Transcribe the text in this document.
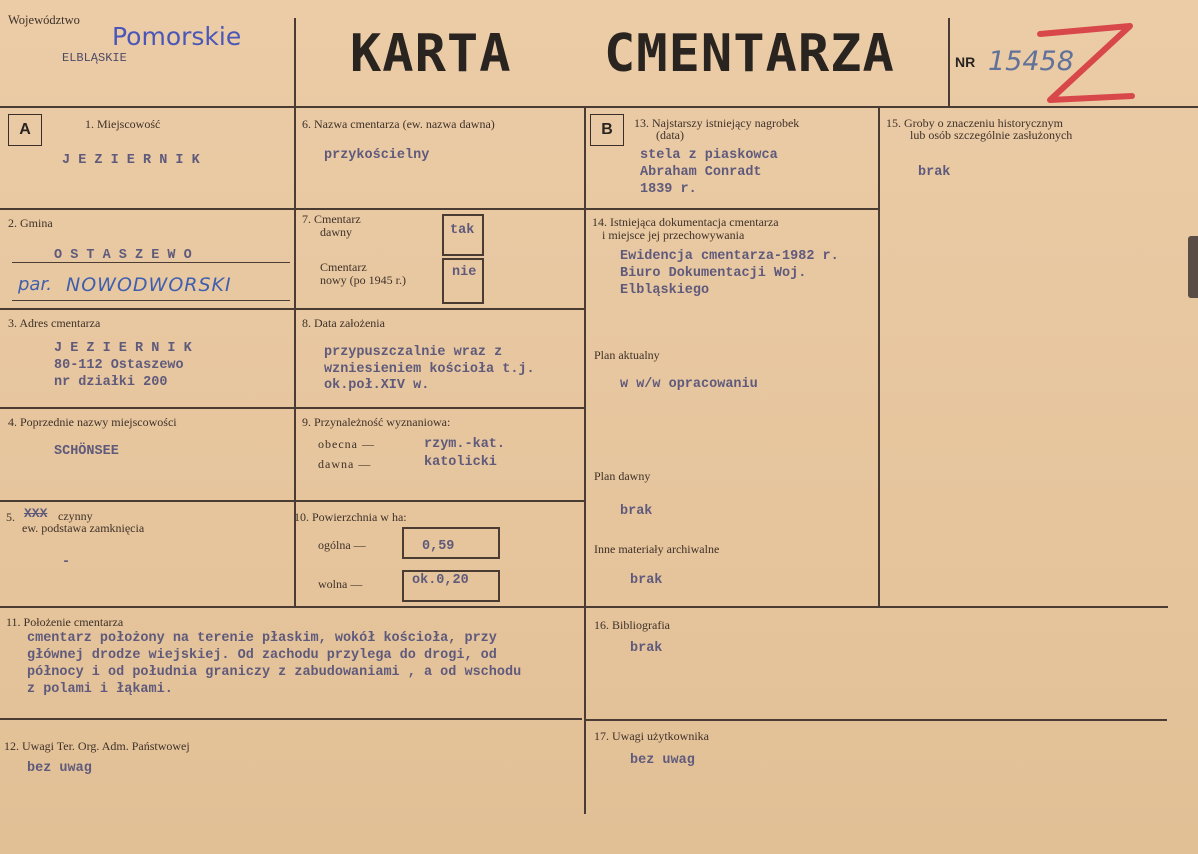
Województwo
Pomorskie
ELBLĄSKIE	KARTA CMENTARZA	NR 15458
A	B
1. Miejscowość
J E Z I E R N I K
2. Gmina
O S T A S Z E W O
par. NOWODWORSKI
3. Adres cmentarza
J E Z I E R N I K
80-112 Ostaszewo
nr działki 200
4. Poprzednie nazwy miejscowości
SCHÖNSEE
5. XXX czynny
ew. podstawa zamknięcia
-
6. Nazwa cmentarza (ew. nazwa dawna)
przykościelny
7. Cmentarz
dawny	tak
Cmentarz
nowy (po 1945 r.)	nie
8. Data założenia
przypuszczalnie wraz z
wzniesieniem kościoła t.j.
ok.poł.XIV w.
9. Przynależność wyznaniowa:
obecna —	rzym.-kat.
dawna —	katolicki
10. Powierzchnia w ha:
ogólna —	0,59
wolna —	ok.0,20
11. Położenie cmentarza
cmentarz położony na terenie płaskim, wokół kościoła, przy
głównej drodze wiejskiej. Od zachodu przylega do drogi, od
północy i od południa graniczy z zabudowaniami , a od wschodu
z polami i łąkami.
12. Uwagi Ter. Org. Adm. Państwowej
bez uwag
13. Najstarszy istniejący nagrobek
(data)
stela z piaskowca
Abraham Conradt
1839 r.
14. Istniejąca dokumentacja cmentarza
i miejsce jej przechowywania
Ewidencja cmentarza-1982 r.
Biuro Dokumentacji Woj.
Elbląskiego
Plan aktualny
w w/w opracowaniu
Plan dawny
brak
Inne materiały archiwalne
brak
15. Groby o znaczeniu historycznym
lub osób szczególnie zasłużonych
brak
16. Bibliografia
brak
17. Uwagi użytkownika
bez uwag
